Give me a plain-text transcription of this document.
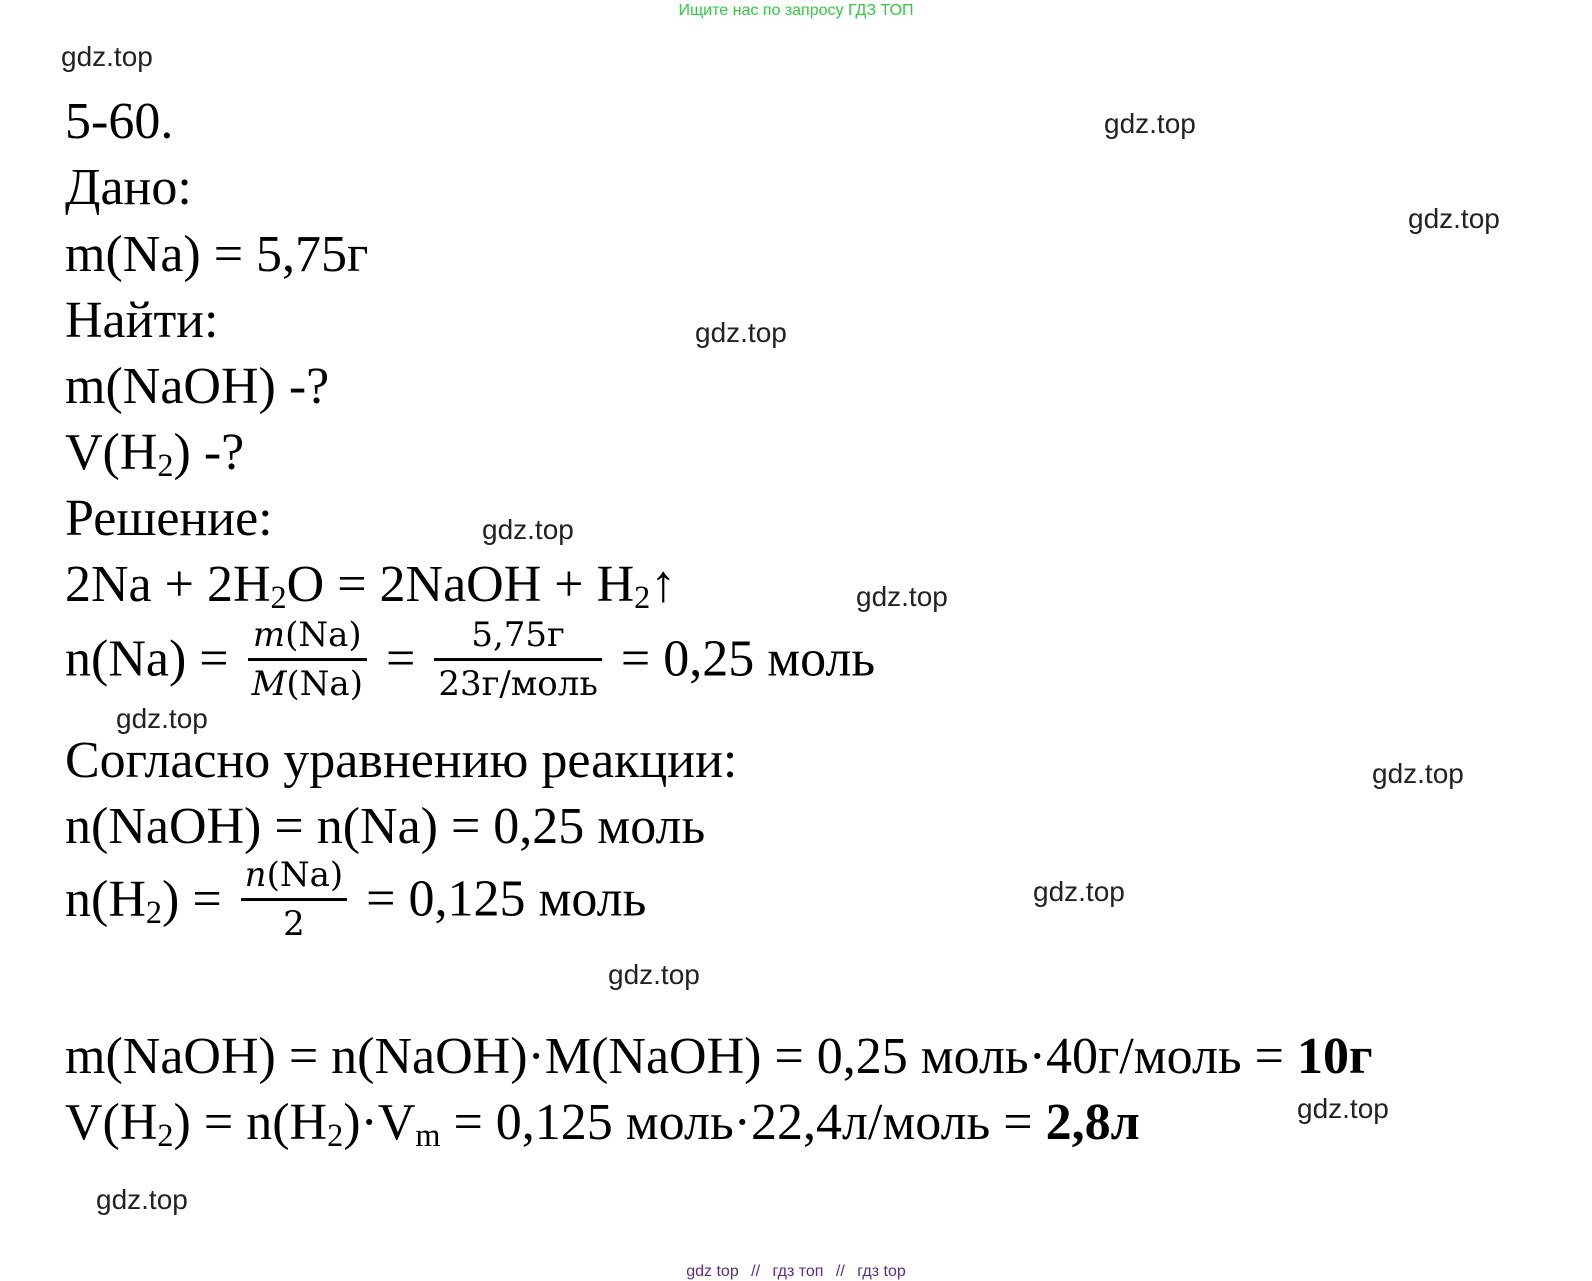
Ищите нас по запросу ГДЗ ТОП
gdz.top
gdz.top
gdz.top
gdz.top
gdz.top
gdz.top
gdz.top
gdz.top
gdz.top
gdz.top
gdz.top
gdz.top
5-60.
Дано:
m(Na) = 5,75г
Найти:
m(NaOH) -?
$V(H_2)$ -?
Решение:
$2Na + 2H_2O$ = 2NaOH + $H_2↑$
$n(Na) = \frac{m(Na)}{M(Na)} = \frac{5,75г}{\text{23г/моль}} = 0,25$ моль
Согласно уравнению реакции:
n(NaOH) = n(Na) = 0,25 моль
$n(H_2) = \frac{n(Na)}{2} = 0,125$ моль
m(NaOH) = n(NaOH)·M(NaOH) = 0,25 моль·40г/моль = 10г
$V(H_2) = n(H_2)\cdot V_m = 0,125$ моль·22,4л/моль = 2,8л
gdz top // гдз топ // гдз top
